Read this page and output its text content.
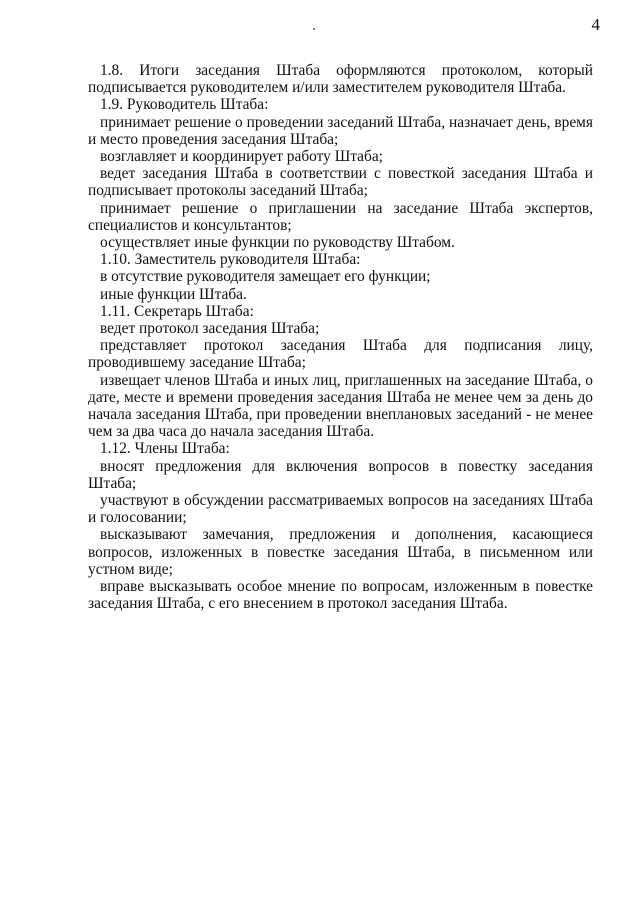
4

1.8. Итоги заседания Штаба оформляются протоколом, который подписывается руководителем и/или заместителем руководителя Штаба.

1.9. Руководитель Штаба:

принимает решение о проведении заседаний Штаба, назначает день, время и место проведения заседания Штаба;

возглавляет и координирует работу Штаба;

ведет заседания Штаба в соответствии с повесткой заседания Штаба и подписывает протоколы заседаний Штаба;

принимает решение о приглашении на заседание Штаба экспертов, специалистов и консультантов;

осуществляет иные функции по руководству Штабом.

1.10. Заместитель руководителя Штаба:

в отсутствие руководителя замещает его функции;

иные функции Штаба.

1.11. Секретарь Штаба:

ведет протокол заседания Штаба;

представляет протокол заседания Штаба для подписания лицу, проводившему заседание Штаба;

извещает членов Штаба и иных лиц, приглашенных на заседание Штаба, о дате, месте и времени проведения заседания Штаба не менее чем за день до начала заседания Штаба, при проведении внеплановых заседаний - не менее чем за два часа до начала заседания Штаба.

1.12. Члены Штаба:

вносят предложения для включения вопросов в повестку заседания Штаба;

участвуют в обсуждении рассматриваемых вопросов на заседаниях Штаба и голосовании;

высказывают замечания, предложения и дополнения, касающиеся вопросов, изложенных в повестке заседания Штаба, в письменном или устном виде;

вправе высказывать особое мнение по вопросам, изложенным в повестке заседания Штаба, с его внесением в протокол заседания Штаба.
